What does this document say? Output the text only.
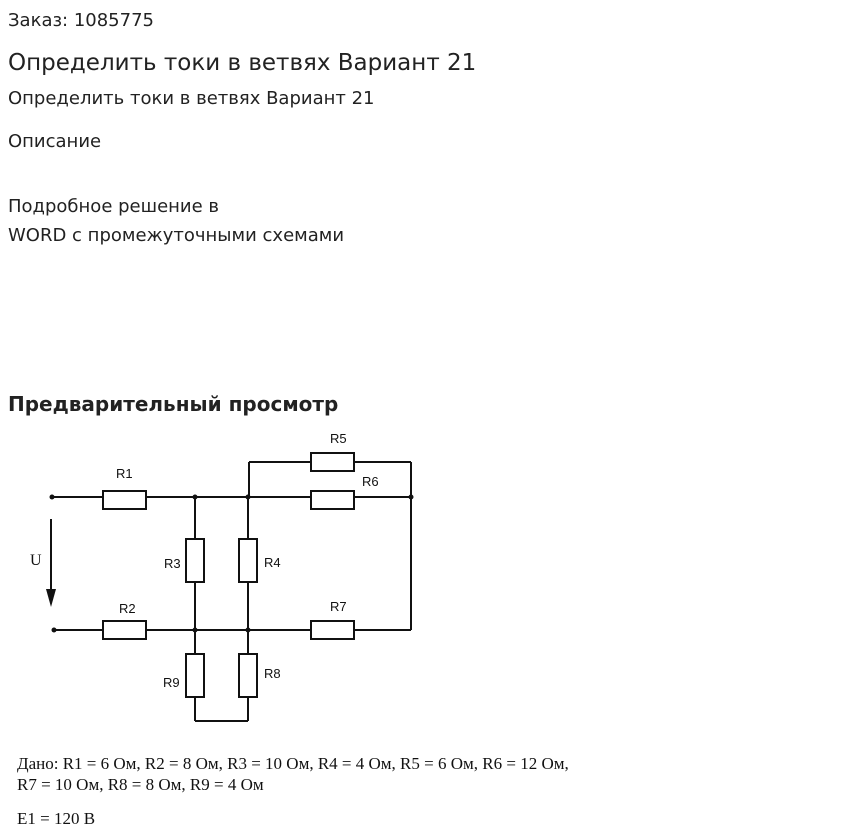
Заказ: 1085775
Определить токи в ветвях Вариант 21
Определить токи в ветвях Вариант 21
Описание
Подробное решение в
WORD с промежуточными схемами
Предварительный просмотр
R1
R2
R3	R4
R5
R6
R7
R8
R9
U
Дано: R1 = 6 Ом, R2 = 8 Ом, R3 = 10 Ом, R4 = 4 Ом, R5 = 6 Ом, R6 = 12 Ом,
R7 = 10 Ом, R8 = 8 Ом, R9 = 4 Ом
E1 = 120 В
